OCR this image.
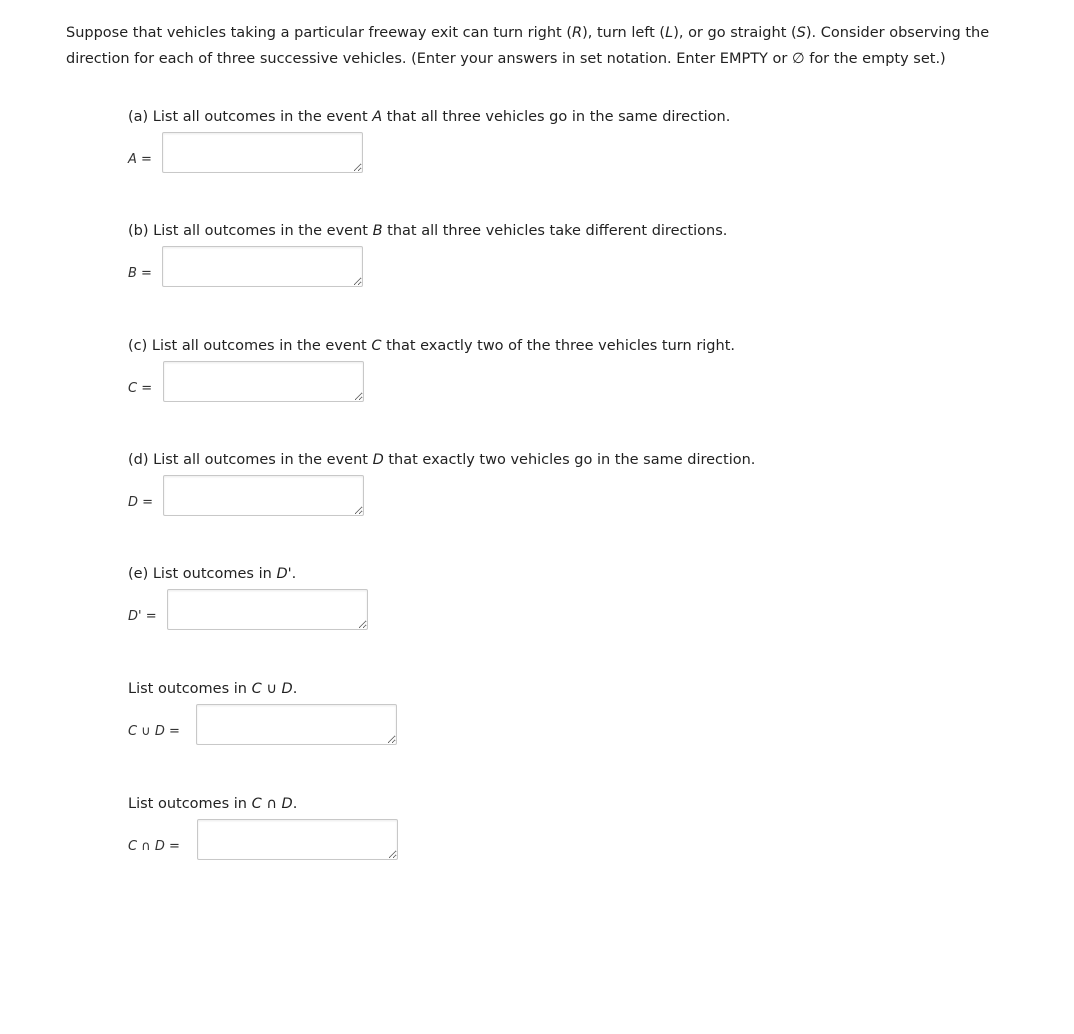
Suppose that vehicles taking a particular freeway exit can turn right (R), turn left (L), or go straight (S). Consider observing the direction for each of three successive vehicles. (Enter your answers in set notation. Enter EMPTY or ∅ for the empty set.)
(a) List all outcomes in the event A that all three vehicles go in the same direction.
A =
(b) List all outcomes in the event B that all three vehicles take different directions.
B =
(c) List all outcomes in the event C that exactly two of the three vehicles turn right.
C =
(d) List all outcomes in the event D that exactly two vehicles go in the same direction.
D =
(e) List outcomes in D'.
D' =
List outcomes in C ∪ D.
C ∪ D =
List outcomes in C ∩ D.
C ∩ D =
